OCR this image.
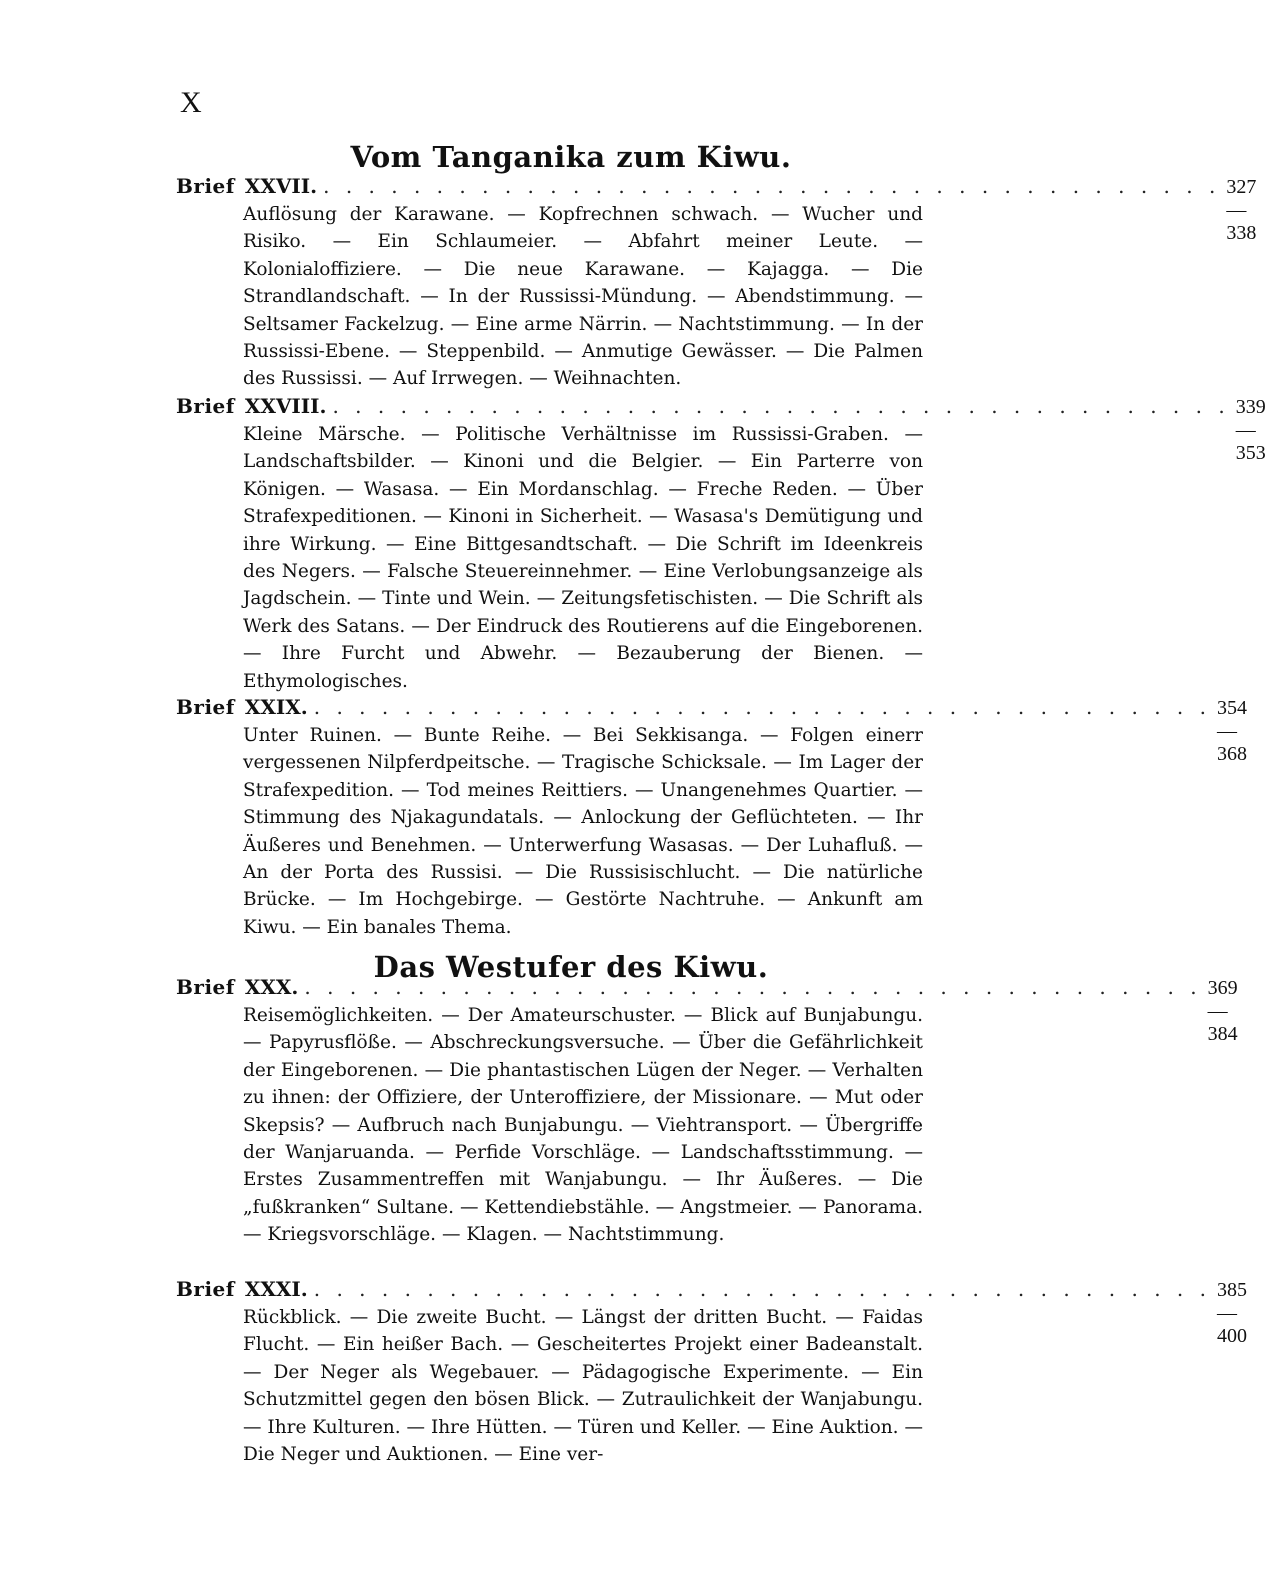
X
Vom Tanganika zum Kiwu.
Brief XXVII. . . . . . . . . . . . . . . . . . . . . . . . . . . . . . . . . . . . . . . . . 327—338
Auflösung der Karawane. — Kopfrechnen schwach. — Wucher und Risiko. — Ein Schlaumeier. — Abfahrt meiner Leute. — Kolonialoffiziere. — Die neue Karawane. — Kajagga. — Die Strandlandschaft. — In der Russissi-Mündung. — Abendstimmung. — Seltsamer Fackelzug. — Eine arme Närrin. — Nachtstimmung. — In der Russissi-Ebene. — Steppenbild. — Anmutige Gewässer. — Die Palmen des Russissi. — Auf Irrwegen. — Weihnachten.
Brief XXVIII. . . . . . . . . . . . . . . . . . . . . . . . . . . . . . . . . . . . . . . . . 339—353
Kleine Märsche. — Politische Verhältnisse im Russissi-Graben. — Landschaftsbilder. — Kinoni und die Belgier. — Ein Parterre von Königen. — Wasasa. — Ein Mordanschlag. — Freche Reden. — Über Strafexpeditionen. — Kinoni in Sicherheit. — Wasasa's Demütigung und ihre Wirkung. — Eine Bittgesandtschaft. — Die Schrift im Ideenkreis des Negers. — Falsche Steuereinnehmer. — Eine Verlobungsanzeige als Jagdschein. — Tinte und Wein. — Zeitungsfetischisten. — Die Schrift als Werk des Satans. — Der Eindruck des Routierens auf die Eingeborenen. — Ihre Furcht und Abwehr. — Bezauberung der Bienen. — Ethymologisches.
Brief XXIX. . . . . . . . . . . . . . . . . . . . . . . . . . . . . . . . . . . . . . . . . 354—368
Unter Ruinen. — Bunte Reihe. — Bei Sekkisanga. — Folgen einerr vergessenen Nilpferdpeitsche. — Tragische Schicksale. — Im Lager der Strafexpedition. — Tod meines Reittiers. — Unangenehmes Quartier. — Stimmung des Njakagundatals. — Anlockung der Geflüchteten. — Ihr Äußeres und Benehmen. — Unterwerfung Wasasas. — Der Luhafluß. — An der Porta des Russisi. — Die Russisischlucht. — Die natürliche Brücke. — Im Hochgebirge. — Gestörte Nachtruhe. — Ankunft am Kiwu. — Ein banales Thema.
Das Westufer des Kiwu.
Brief XXX. . . . . . . . . . . . . . . . . . . . . . . . . . . . . . . . . . . . . . . . . 369—384
Reisemöglichkeiten. — Der Amateurschuster. — Blick auf Bunjabungu. — Papyrusflöße. — Abschreckungsversuche. — Über die Gefährlichkeit der Eingeborenen. — Die phantastischen Lügen der Neger. — Verhalten zu ihnen: der Offiziere, der Unteroffiziere, der Missionare. — Mut oder Skepsis? — Aufbruch nach Bunjabungu. — Viehtransport. — Übergriffe der Wanjaruanda. — Perfide Vorschläge. — Landschaftsstimmung. — Erstes Zusammentreffen mit Wanjabungu. — Ihr Äußeres. — Die „fußkranken“ Sultane. — Kettendiebstähle. — Angstmeier. — Panorama. — Kriegsvorschläge. — Klagen. — Nachtstimmung.
Brief XXXI. . . . . . . . . . . . . . . . . . . . . . . . . . . . . . . . . . . . . . . . . 385—400
Rückblick. — Die zweite Bucht. — Längst der dritten Bucht. — Faidas Flucht. — Ein heißer Bach. — Gescheitertes Projekt einer Badeanstalt. — Der Neger als Wegebauer. — Pädagogische Experimente. — Ein Schutzmittel gegen den bösen Blick. — Zutraulichkeit der Wanjabungu. — Ihre Kulturen. — Ihre Hütten. — Türen und Keller. — Eine Auktion. — Die Neger und Auktionen. — Eine ver-
